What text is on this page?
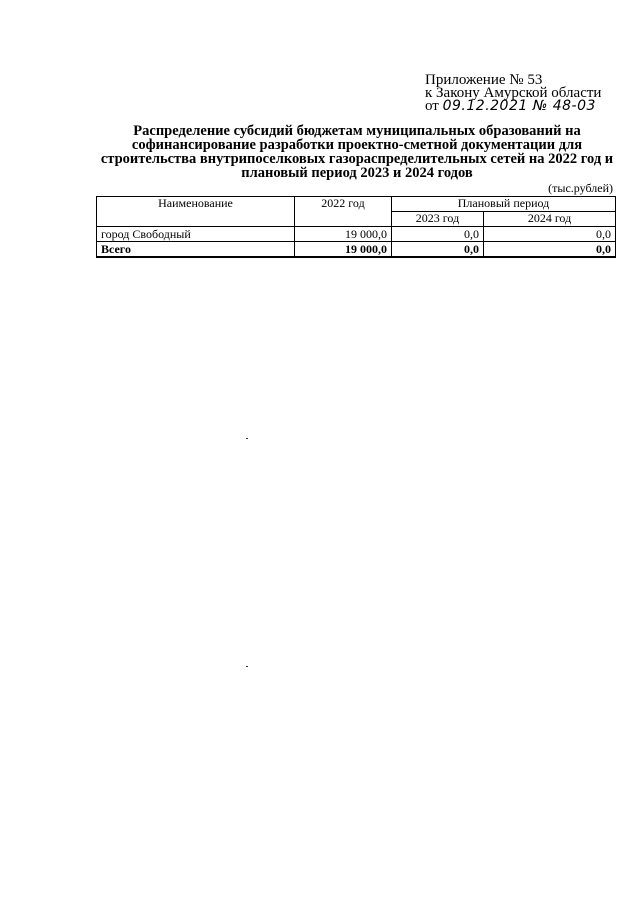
Приложение № 53
к Закону Амурской области
от 09.12.2021 № 48-03
Распределение субсидий бюджетам муниципальных образований на софинансирование разработки проектно-сметной документации для строительства внутрипоселковых газораспределительных сетей на 2022 год и плановый период 2023 и 2024 годов
(тыс.рублей)
Наименование	2022 год	Плановый период	
		2023 год	2024 год
город Свободный	19 000,0	0,0	0,0
Всего	19 000,0	0,0	0,0
